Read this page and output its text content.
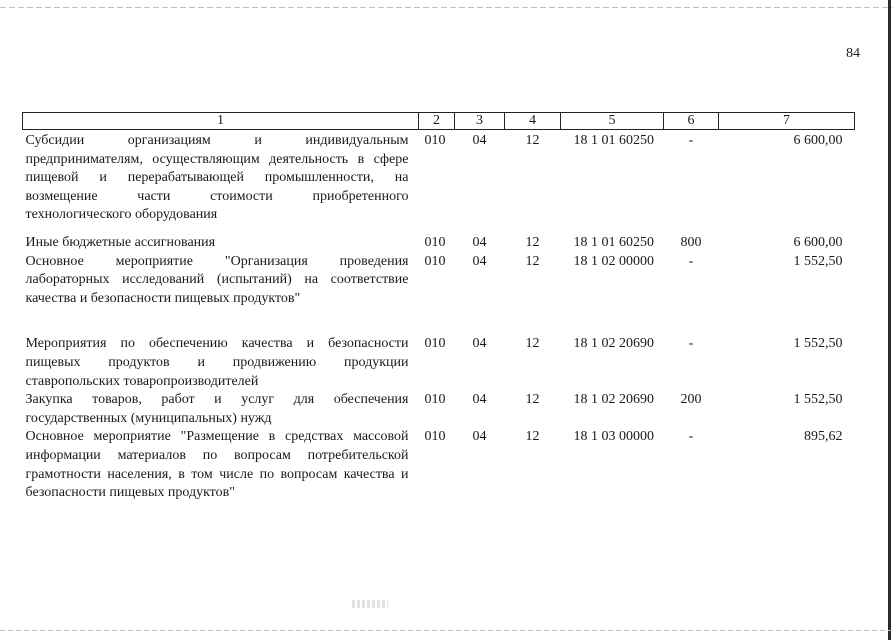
84
1	2	3	4	5	6	7
Субсидии организациям и индивидуальным предпринимателям, осуществляющим деятельность в сфере пищевой и перерабатывающей промышленности, на возмещение части стоимости приобретенного технологического оборудования	010	04	12	18 1 01 60250	-	6 600,00
Иные бюджетные ассигнования	010	04	12	18 1 01 60250	800	6 600,00
Основное мероприятие "Организация проведения лабораторных исследований (испытаний) на соответствие качества и безопасности пищевых продуктов"	010	04	12	18 1 02 00000	-	1 552,50
Мероприятия по обеспечению качества и безопасности пищевых продуктов и продвижению продукции ставропольских товаропроизводителей	010	04	12	18 1 02 20690	-	1 552,50
Закупка товаров, работ и услуг для обеспечения государственных (муниципальных) нужд	010	04	12	18 1 02 20690	200	1 552,50
Основное мероприятие "Размещение в средствах массовой информации материалов по вопросам потребительской грамотности населения, в том числе по вопросам качества и безопасности пищевых продуктов"	010	04	12	18 1 03 00000	-	895,62
